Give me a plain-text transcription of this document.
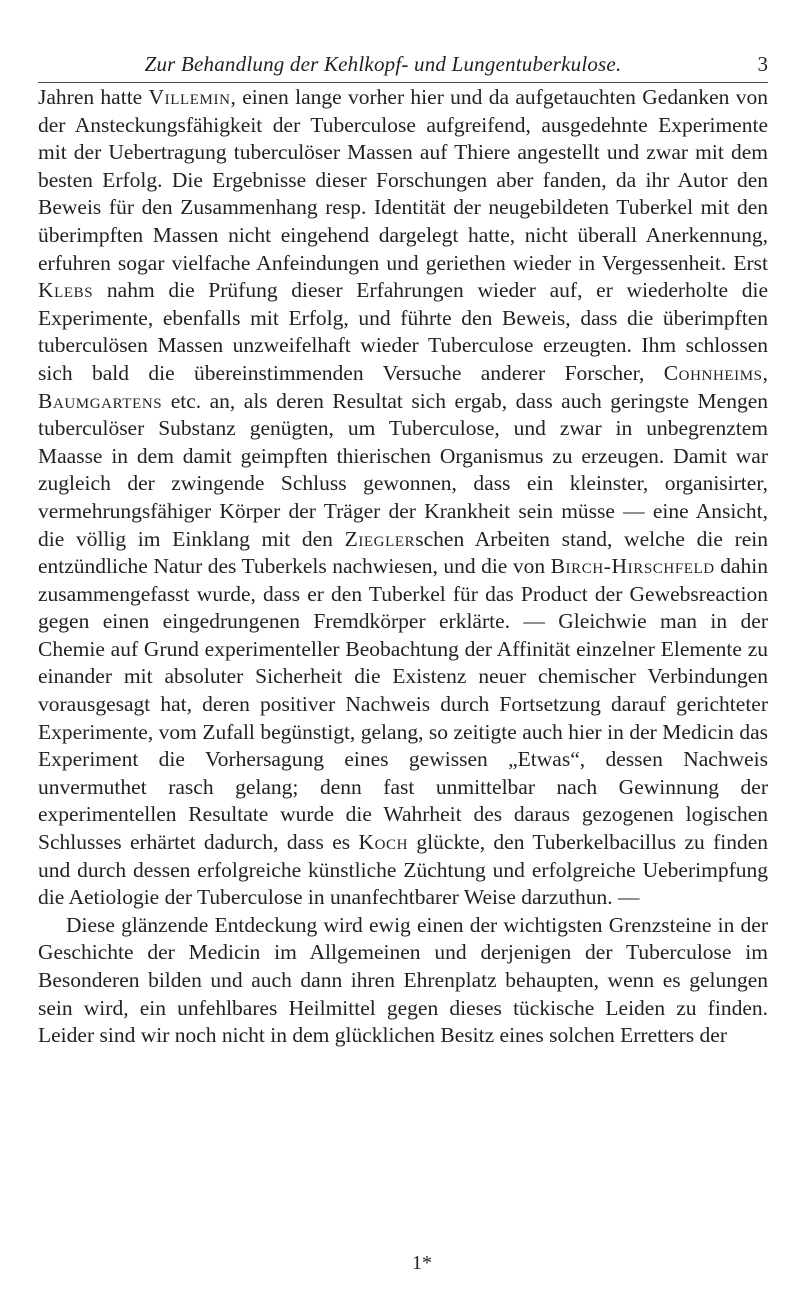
Zur Behandlung der Kehlkopf- und Lungentuberkulose.	3

Jahren hatte Villemin, einen lange vorher hier und da aufgetauchten Gedanken von der Ansteckungsfähigkeit der Tuberculose aufgreifend, ausgedehnte Experimente mit der Uebertragung tuberculöser Massen auf Thiere angestellt und zwar mit dem besten Erfolg. Die Ergebnisse dieser Forschungen aber fanden, da ihr Autor den Beweis für den Zusammenhang resp. Identität der neugebildeten Tuberkel mit den überimpften Massen nicht eingehend dargelegt hatte, nicht überall Anerkennung, erfuhren sogar vielfache Anfeindungen und geriethen wieder in Vergessenheit. Erst Klebs nahm die Prüfung dieser Erfahrungen wieder auf, er wiederholte die Experimente, ebenfalls mit Erfolg, und führte den Beweis, dass die überimpften tuberculösen Massen unzweifelhaft wieder Tuberculose erzeugten. Ihm schlossen sich bald die übereinstimmenden Versuche anderer Forscher, Cohnheims, Baumgartens etc. an, als deren Resultat sich ergab, dass auch geringste Mengen tuberculöser Substanz genügten, um Tuberculose, und zwar in unbegrenztem Maasse in dem damit geimpften thierischen Organismus zu erzeugen. Damit war zugleich der zwingende Schluss gewonnen, dass ein kleinster, organisirter, vermehrungsfähiger Körper der Träger der Krankheit sein müsse — eine Ansicht, die völlig im Einklang mit den Zieglerschen Arbeiten stand, welche die rein entzündliche Natur des Tuberkels nachwiesen, und die von Birch-Hirschfeld dahin zusammengefasst wurde, dass er den Tuberkel für das Product der Gewebsreaction gegen einen eingedrungenen Fremdkörper erklärte. — Gleichwie man in der Chemie auf Grund experimenteller Beobachtung der Affinität einzelner Elemente zu einander mit absoluter Sicherheit die Existenz neuer chemischer Verbindungen vorausgesagt hat, deren positiver Nachweis durch Fortsetzung darauf gerichteter Experimente, vom Zufall begünstigt, gelang, so zeitigte auch hier in der Medicin das Experiment die Vorhersagung eines gewissen „Etwas“, dessen Nachweis unvermuthet rasch gelang; denn fast unmittelbar nach Gewinnung der experimentellen Resultate wurde die Wahrheit des daraus gezogenen logischen Schlusses erhärtet dadurch, dass es Koch glückte, den Tuberkelbacillus zu finden und durch dessen erfolgreiche künstliche Züchtung und erfolgreiche Ueberimpfung die Aetiologie der Tuberculose in unanfechtbarer Weise darzuthun. —

Diese glänzende Entdeckung wird ewig einen der wichtigsten Grenzsteine in der Geschichte der Medicin im Allgemeinen und derjenigen der Tuberculose im Besonderen bilden und auch dann ihren Ehrenplatz behaupten, wenn es gelungen sein wird, ein unfehlbares Heilmittel gegen dieses tückische Leiden zu finden. Leider sind wir noch nicht in dem glücklichen Besitz eines solchen Erretters der

1*
